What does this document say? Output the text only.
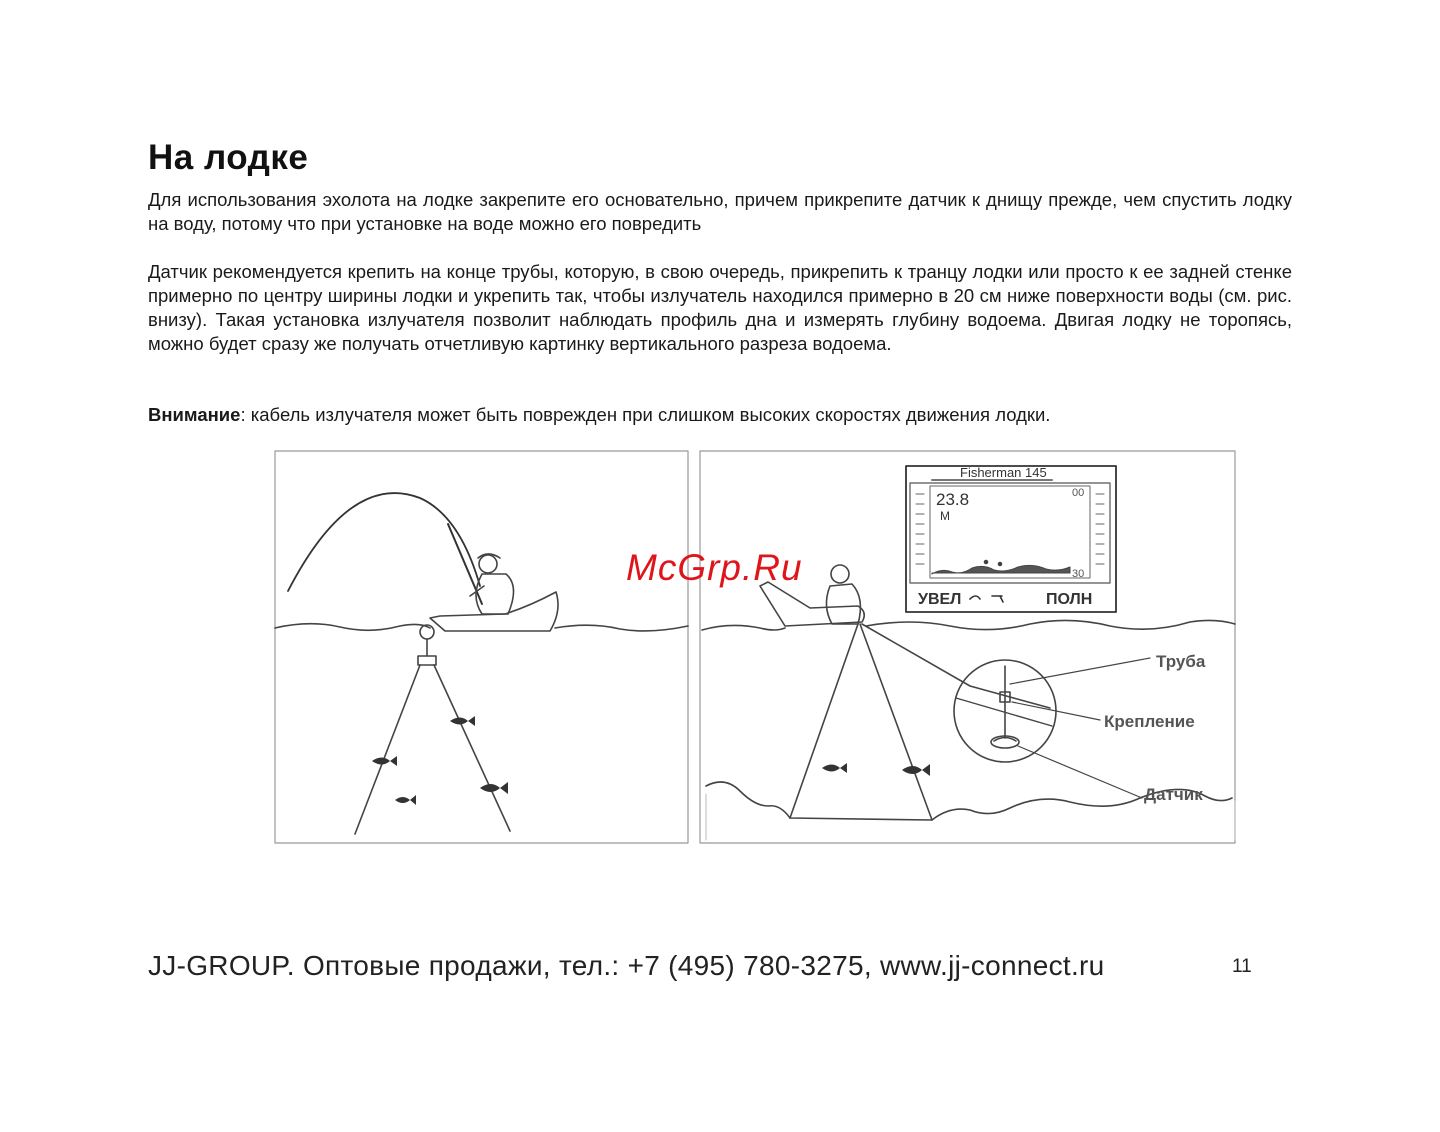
На лодке

Для использования эхолота на лодке закрепите его основательно, причем прикрепите датчик к днищу прежде, чем спустить лодку на воду, потому что при установке на воде можно его повредить

Датчик рекомендуется крепить на конце трубы, которую, в свою очередь, прикрепить к транцу лодки или просто к ее задней стенке примерно по центру ширины лодки и укрепить так, чтобы излучатель находился примерно в 20 см ниже поверхности воды (см. рис. внизу). Такая установка излучателя позволит наблюдать профиль дна и измерять глубину водоема. Двигая лодку не торопясь, можно будет сразу же получать отчетливую картинку вертикального разреза водоема.

Внимание: кабель излучателя может быть поврежден при слишком высоких скоростях движения лодки.

Fisherman 145
23.8
M
00
30
УВЕЛ	ПОЛН
Труба
Крепление
Датчик

McGrp.Ru

JJ-GROUP. Оптовые продажи, тел.: +7 (495) 780-3275, www.jj-connect.ru	11
